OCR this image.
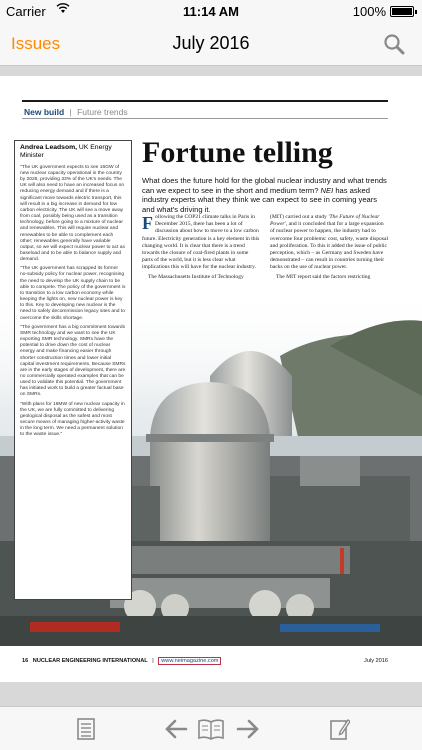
Carrier	11:14 AM	100%
Issues	July 2016
New build | Future trends
Andrea Leadsom, UK Energy Minister

"The UK government expects to see 16GW of new nuclear capacity operational in the country by 2025, providing 33% of the UK's needs. The UK will also need to have an increased focus on reducing energy demand and if there is a significant move towards electric transport, this will result in a big increase in demand for low carbon electricity. The UK will see a move away from coal, possibly being used as a transition technology, before going to a mixture of nuclear and renewables. This will require nuclear and renewables to be able to complement each other; renewables generally have variable output, so we will expect nuclear power to act as baseload and to be able to balance supply and demand.

"The UK government has scrapped its former no-subsidy policy for nuclear power, recognising the need to develop the UK supply chain to be able to compete. The policy of the government is to transition to a low carbon economy while keeping the lights on, new nuclear power is key to this. Key to developing new nuclear is the need to safely decommission legacy sites and to overcome the skills shortage.

"The government has a big commitment towards SMR technology and we want to see the UK exporting SMR technology. SMRs have the potential to drive down the cost of nuclear energy and make financing easier through shorter construction times and lower initial capital investment requirements. Because SMRs are in the early stages of development, there are no commercially operated examples that can be used to validate this potential. The government has initiated work to build a greater factual base on SMRs.

"With plans for 16MW of new nuclear capacity in the UK, we are fully committed to delivering geological disposal as the safest and most secure means of managing higher-activity waste in the long term. We need a permanent solution to the waste issue."

Fortune telling
What does the future hold for the global nuclear industry and what trends can we expect to see in the short and medium term? NEI has asked industry experts what they think we can expect to see in coming years and what's driving it.

Following the COP21 climate talks in Paris in December 2015, there has been a lot of discussion about how to move to a low carbon future. Electricity generation is a key element in this changing world. It is clear that there is a trend towards the closure of coal-fired plants in some parts of the world, but it is less clear what implications this will have for the nuclear industry.

The Massachusetts Institute of Technology

(MIT) carried out a study 'The Future of Nuclear Power', and it concluded that for a large expansion of nuclear power to happen, the industry had to overcome four problems: cost, safety, waste disposal and proliferation. To this it added the issue of public perception, which – as Germany and Sweden have demonstrated – can result in countries turning their backs on the use of nuclear power.

The MIT report said the factors restricting

16 NUCLEAR ENGINEERING INTERNATIONAL | www.neimagazine.com	July 2016
